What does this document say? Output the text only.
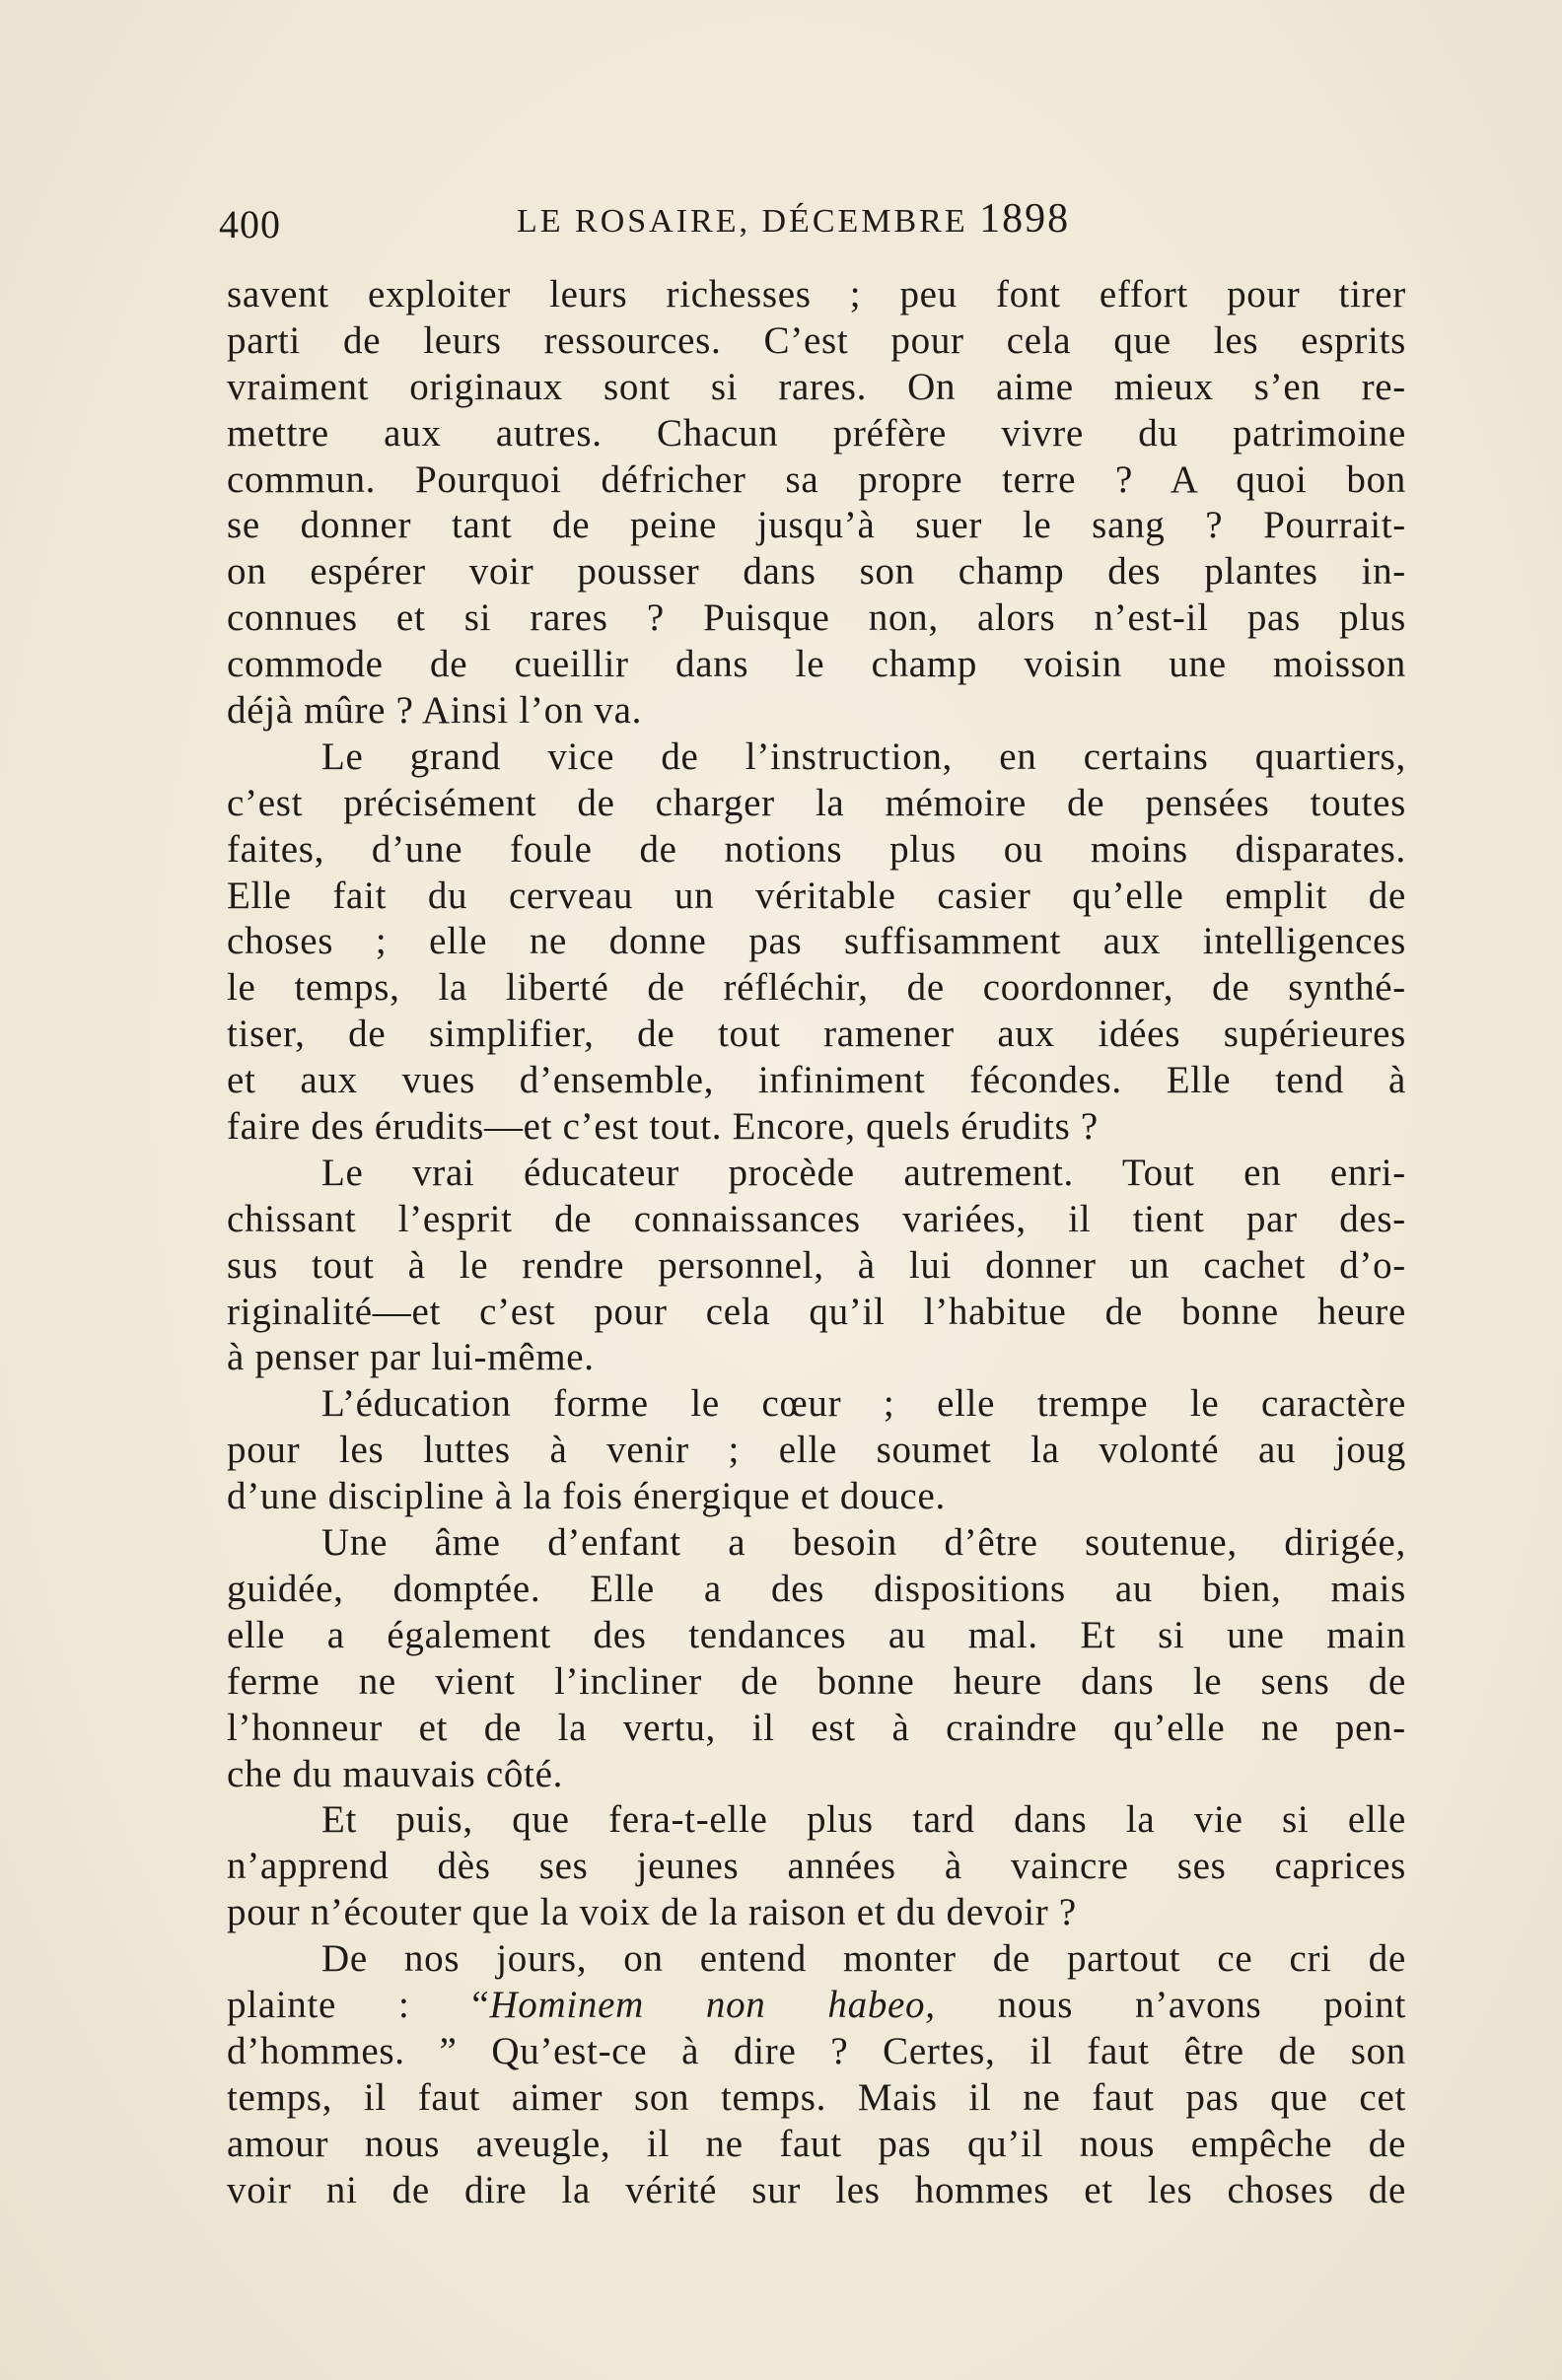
400	LE ROSAIRE, DÉCEMBRE 1898
savent exploiter leurs richesses ; peu font effort pour tirer
parti de leurs ressources. C’est pour cela que les esprits
vraiment originaux sont si rares. On aime mieux s’en re-
mettre aux autres. Chacun préfère vivre du patrimoine
commun. Pourquoi défricher sa propre terre ? A quoi bon
se donner tant de peine jusqu’à suer le sang ? Pourrait-
on espérer voir pousser dans son champ des plantes in-
connues et si rares ? Puisque non, alors n’est-il pas plus
commode de cueillir dans le champ voisin une moisson
déjà mûre ? Ainsi l’on va.
Le grand vice de l’instruction, en certains quartiers,
c’est précisément de charger la mémoire de pensées toutes
faites, d’une foule de notions plus ou moins disparates.
Elle fait du cerveau un véritable casier qu’elle emplit de
choses ; elle ne donne pas suffisamment aux intelligences
le temps, la liberté de réfléchir, de coordonner, de synthé-
tiser, de simplifier, de tout ramener aux idées supérieures
et aux vues d’ensemble, infiniment fécondes. Elle tend à
faire des érudits—et c’est tout. Encore, quels érudits ?
Le vrai éducateur procède autrement. Tout en enri-
chissant l’esprit de connaissances variées, il tient par des-
sus tout à le rendre personnel, à lui donner un cachet d’o-
riginalité—et c’est pour cela qu’il l’habitue de bonne heure
à penser par lui-même.
L’éducation forme le cœur ; elle trempe le caractère
pour les luttes à venir ; elle soumet la volonté au joug
d’une discipline à la fois énergique et douce.
Une âme d’enfant a besoin d’être soutenue, dirigée,
guidée, domptée. Elle a des dispositions au bien, mais
elle a également des tendances au mal. Et si une main
ferme ne vient l’incliner de bonne heure dans le sens de
l’honneur et de la vertu, il est à craindre qu’elle ne pen-
che du mauvais côté.
Et puis, que fera-t-elle plus tard dans la vie si elle
n’apprend dès ses jeunes années à vaincre ses caprices
pour n’écouter que la voix de la raison et du devoir ?
De nos jours, on entend monter de partout ce cri de
plainte : “Hominem non habeo, nous n’avons point
d’hommes. ” Qu’est-ce à dire ? Certes, il faut être de son
temps, il faut aimer son temps. Mais il ne faut pas que cet
amour nous aveugle, il ne faut pas qu’il nous empêche de
voir ni de dire la vérité sur les hommes et les choses de
